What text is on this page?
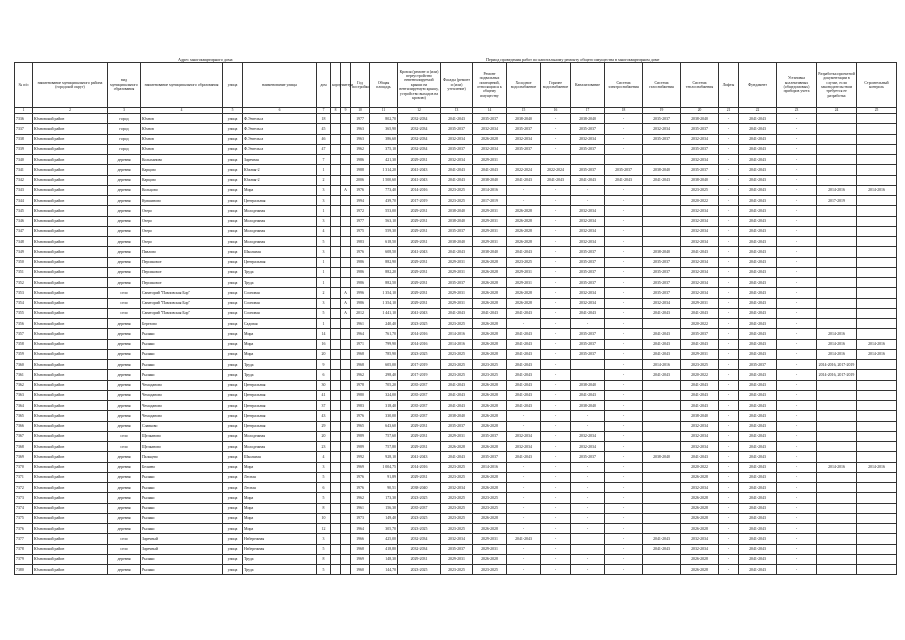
Адрес многоквартирного дома	Период проведения работ по капитальному ремонту общего имущества в многоквартирном доме
№ п/п	наименование муниципального района (городской округ)	вид муниципального образования	наименование муниципального образования	улица	наименование улицы	дом	корпус	литера	Год постройки	Общая площадь	Кровля (ремонт и (или) переустройство невентилируемой крыши на вентилируемую крышу, устройство выходов на кровлю)	Фасады (ремонт и (или) утепление)	Ремонт подвальных помещений, относящихся к общему имуществу	Холодное водоснабжение	Горячее водоснабжение	Канализование	Система электроснабжения	Система газоснабжения	Система теплоснабжения	Лифты	Фундамент	Установка коллективных (общедомовых) приборов учета	Разработка проектной документации в случае, если законодательством требуется ее разработка	Строительный контроль
1	2	3	4	5	6	7	8	9	10	11	12	13	14	15	16	17	18	19	20	21	22	23	24	25
7336	Юхновский район	город	Юхнов	улица	Ф.Энгельса	18			1977	802,70	2032-2034	2041-2043	2035-2037	2038-2040	-	2038-2040	-	2035-2037	2038-2040	-	2041-2043	-		
7337	Юхновский район	город	Юхнов	улица	Ф.Энгельса	45			1963	365,90	2032-2034	2035-2037	2032-2034	2035-2037	-	2035-2037	-	2032-2034	2035-2037	-	2041-2043	-		
7338	Юхновский район	город	Юхнов	улица	Ф.Энгельса	46			1963	386,60	2032-2034	2032-2034	2026-2028	2032-2034	-	2032-2034	-	2035-2037	2032-2034	-	2041-2043	-		
7339	Юхновский район	город	Юхнов	улица	Ф.Энгельса	47			1962	375,10	2032-2034	2035-2037	2032-2034	2035-2037	-	2035-2037	-		2035-2037	-	2041-2043	-		
7340	Юхновский район	деревня	Колыханово	улица	Заречная	7			1986	421,30	2029-2031	2032-2034	2029-2031						2032-2034	-	2041-2043	-		
7341	Юхновский район	деревня	Карцово	улица	Южная-2	1			1988	1 314,20	2041-2043	2041-2043	2041-2043	2022-2024	2022-2024	2035-2037	2035-2037	2038-2040	2035-2037	-	2041-2043	-		
7342	Юхновский район	деревня	Карцово	улица	Южная-2	2			2006	1 500,60	2041-2043	2041-2043	2038-2040	2041-2043	2041-2043	2041-2043	2041-2043	2041-2043	2038-2040	-	2041-2043	-		
7343	Юхновский район	деревня	Кольцово	улица	Мира	3		А	1976	773,40	2014-2016	2023-2025	2014-2016	-	-	-	-		2023-2025	-	2041-2043	-	2014-2016	2014-2016
7344	Юхновский район	деревня	Кувшиново	улица	Центральная	3			1994	439,70	2017-2019	2023-2025	2017-2019	-	-	-	-		2020-2022	-	2041-2043	-	2017-2019	
7345	Юхновский район	деревня	Озеро	улица	Молодежная	1			1972	553,00	2029-2031	2038-2040	2029-2031	2026-2028	-	2032-2034	-		2032-2034	-	2041-2043	-		
7346	Юхновский район	деревня	Озеро	улица	Молодежная	3			1977	563,10	2029-2031	2038-2040	2029-2031	2026-2028	-	2032-2034	-		2032-2034	-	2041-2043	-		
7347	Юхновский район	деревня	Озеро	улица	Молодежная	4			1975	559,30	2029-2031	2035-2037	2029-2031	2026-2028	-	2032-2034	-		2032-2034	-	2041-2043	-		
7348	Юхновский район	деревня	Озеро	улица	Молодежная	5			1983	618,50	2029-2031	2038-2040	2029-2031	2026-2028	-	2032-2034	-		2032-2034	-	2041-2043	-		
7349	Юхновский район	деревня	Павлово	улица	Школьная	3			1976	608,50	2041-2043	2041-2043	2038-2040	2041-2043	-	2035-2037	-	2038-2040	2041-2043	-	2041-2043	-		
7350	Юхновский район	деревня	Персиковое	улица	Центральная	1			1986	882,90	2029-2031	2029-2031	2026-2028	2023-2025	-	2035-2037	-	2035-2037	2032-2034	-	2041-2043	-		
7351	Юхновский район	деревня	Персиковое	улица	Труда	1			1986	882,20	2029-2031	2029-2031	2026-2028	2029-2031	-	2035-2037	-	2035-2037	2032-2034	-	2041-2043	-		
7352	Юхновский район	деревня	Персиковое	улица	Труда	1			1986	882,50	2029-2031	2035-2037	2026-2028	2029-2031	-	2035-2037	-	2035-2037	2032-2034	-	2041-2043	-		
7353	Юхновский район	село	Санаторий "Павловская Бор"	улица	Сосновая	2		А	1996	1 354,10	2029-2031	2029-2031	2026-2028	2026-2028	-	2032-2034	-	2035-2037	2032-2034	-	2041-2043	-		
7354	Юхновский район	село	Санаторий "Павловская Бор"	улица	Сосновая	3		А	1986	1 354,10	2029-2031	2029-2031	2026-2028	2026-2028	-	2032-2034	-	2032-2034	2029-2031	-	2041-2043	-		
7355	Юхновский район	село	Санаторий "Павловская Бор"	улица	Сосновая	5		А	2012	1 441,10	2041-2043	2041-2043	2041-2043	2041-2043	-	2041-2043	-	2041-2043	2041-2043	-	2041-2043	-		
7356	Юхновский район	деревня	Березово	улица	Садовая	1			1961	240,40	2023-2025	2023-2025	2026-2028	-	-	-	-		2020-2022	-	2041-2043	-		
7357	Юхновский район	деревня	Рыляки	улица	Мира	14			1964	761,70	2014-2016	2014-2016	2026-2028	2041-2043	-	2035-2037	-	2041-2043	2035-2037	-	2041-2043	-	2014-2016	
7358	Юхновский район	деревня	Рыляки	улица	Мира	16			1971	799,90	2014-2016	2014-2016	2026-2028	2041-2043	-	2035-2037	-	2041-2043	2041-2043	-	2041-2043	-	2014-2016	2014-2016
7359	Юхновский район	деревня	Рыляки	улица	Мира	20			1968	785,90	2023-2025	2023-2025	2026-2028	2041-2043	-	2035-2037	-	2041-2043	2029-2031	-	2041-2043	-	2014-2016	2014-2016
7360	Юхновский район	деревня	Рыляки	улица	Труда	9			1968	605,00	2017-2019	2023-2025	2023-2025	2041-2043	-		-	2014-2016	2023-2025	-	2035-2037	-	2014-2016, 2017-2019	
7361	Юхновский район	деревня	Рыляки	улица	Труда	6			1962	298,40	2017-2019	2023-2025	2023-2025	2041-2043	-		-	2041-2043	2020-2022	-	2041-2043	-	2014-2016, 2017-2019	
7362	Юхновский район	деревня	Чемоданово	улица	Центральная	30			1978	705,20	2035-2037	2041-2043	2026-2028	2041-2043	-	2038-2040	-		2041-2043	-	2041-2043	-		
7363	Юхновский район	деревня	Чемоданово	улица	Центральная	41			1980	324,00	2035-2037	2041-2043	2026-2028	2041-2043	-	2041-2043	-		2041-2043	-	2041-2043	-		
7364	Юхновский район	деревня	Чемоданово	улица	Центральная	37			1983	318,40	2035-2037	2041-2043	2026-2028	2041-2043	-	2038-2040	-		2041-2043	-	2041-2043	-		
7365	Юхновский район	деревня	Чемоданово	улица	Центральная	43			1976	330,00	2035-2037	2038-2040	2026-2028	-	-	-	-		2038-2040	-	2041-2043	-		
7366	Юхновский район	деревня	Славково	улица	Центральная	29			1965	643,60	2029-2031	2035-2037	2026-2028	-	-	-	-		2032-2034	-	2041-2043	-		
7367	Юхновский район	село	Щелканово	улица	Молодежная	20			1989	757,60	2029-2031	2029-2031	2035-2037	2032-2034	-	2032-2034	-		2032-2034	-	2041-2043	-		
7368	Юхновский район	село	Щелканово	улица	Молодежная	23			1989	757,80	2029-2031	2026-2028	2026-2028	2032-2034	-	2032-2034	-		2032-2034	-	2041-2043	-		
7369	Юхновский район	деревня	Пальцево	улица	Школьная	4			1992	928,10	2041-2043	2041-2043	2035-2037	2041-2043	-	2035-2037	-	2038-2040	2041-2043	-	2041-2043	-		
7370	Юхновский район	деревня	Беляево	улица	Мира	3			1969	1 004,75	2014-2016	2023-2025	2014-2016	-	-	-	-		2020-2022	-	2041-2043	-	2014-2016	2014-2016
7371	Юхновский район	деревня	Рыляки	улица	Лесная	5			1976	91,89	2029-2031	2023-2025	2026-2028	-	-	-	-		2026-2028	-	2041-2043	-		
7372	Юхновский район	деревня	Рыляки	улица	Лесная	6			1976	90,51	2038-2040	2032-2034	2026-2028	-	-	-	-		2032-2034	-	2041-2043	-		
7373	Юхновский район	деревня	Рыляки	улица	Мира	5			1962	173,30	2023-2025	2023-2025	2023-2025	-	-	-	-		2026-2028	-	2041-2043	-		
7374	Юхновский район	деревня	Рыляки	улица	Мира	8			1961	156,30	2035-2037	2023-2025	2023-2025	-	-	-	-		2026-2028	-	2041-2043	-		
7375	Юхновский район	деревня	Рыляки	улица	Мира	10			1973	149,40	2023-2025	2023-2025	2026-2028	-	-	-	-		2026-2028	-	2041-2043	-		
7376	Юхновский район	деревня	Рыляки	улица	Мира	12			1964	305,70	2023-2025	2023-2025	2026-2028	-	-	-	-		2026-2028	-	2041-2043	-		
7377	Юхновский район	село	Заречный	улица	Набережная	3			1966	425,00	2032-2034	2032-2034	2029-2031	2041-2043	-		-	2041-2043	2032-2034	-	2041-2043	-		
7378	Юхновский район	село	Заречный	улица	Набережная	5			1968	418,80	2032-2034	2035-2037	2029-2031	-	-		-	2041-2043	2032-2034	-	2041-2043	-		
7379	Юхновский район	деревня	Рыляки	улица	Труда	8			1969	148,30	2029-2031	2029-2031	2026-2028	-	-	-	-		2026-2028	-	2041-2043	-		
7380	Юхновский район	деревня	Рыляки	улица	Труда	5			1960	144,70	2023-2025	2023-2025	2023-2025	-	-	-	-		2026-2028	-	2041-2043	-		
